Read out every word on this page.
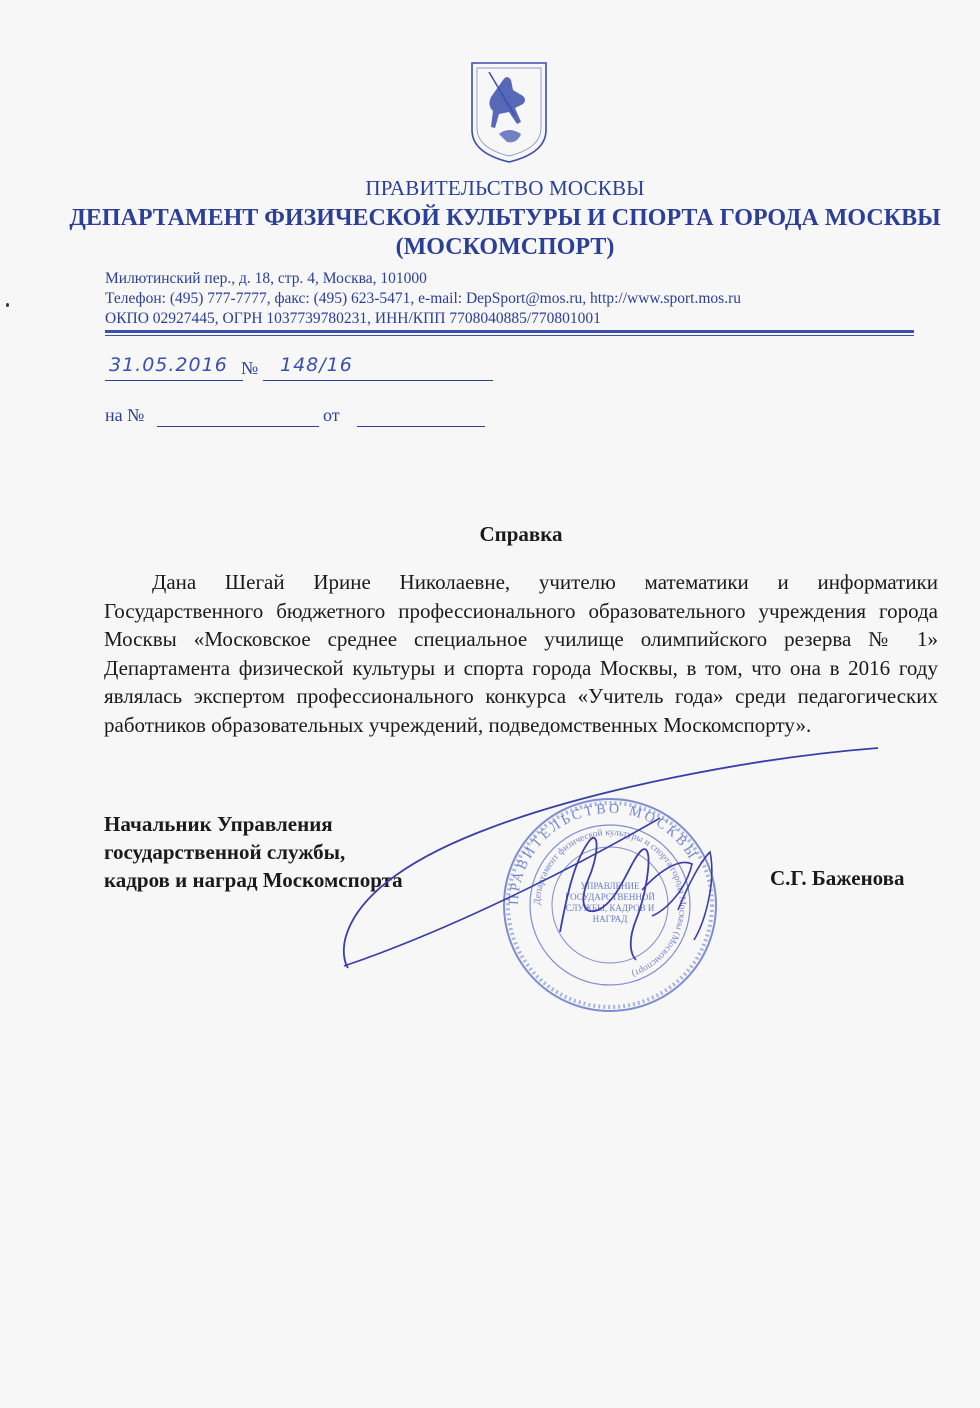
ПРАВИТЕЛЬСТВО МОСКВЫ
ДЕПАРТАМЕНТ ФИЗИЧЕСКОЙ КУЛЬТУРЫ И СПОРТА ГОРОДА МОСКВЫ
(МОСКОМСПОРТ)
Милютинский пер., д. 18, стр. 4, Москва, 101000
Телефон: (495) 777-7777, факс: (495) 623-5471, e-mail: DepSport@mos.ru, http://www.sport.mos.ru
ОКПО 02927445, ОГРН 1037739780231, ИНН/КПП 7708040885/770801001
31.05.2016 № 148/16
на №	от
Справка
Дана Шегай Ирине Николаевне, учителю математики и информатики Государственного бюджетного профессионального образовательного учреждения города Москвы «Московское среднее специальное училище олимпийского резерва № 1» Департамента физической культуры и спорта города Москвы, в том, что она в 2016 году являлась экспертом профессионального конкурса «Учитель года» среди педагогических работников образовательных учреждений, подведомственных Москомспорту».
Начальник Управления
государственной службы,
кадров и наград Москомспорта	С.Г. Баженова
ПРАВИТЕЛЬСТВО МОСКВЫ
Департамент физической культуры и спорта города Москвы (Москомспорт)
УПРАВЛЕНИЕ ГОСУДАРСТВЕННОЙ СЛУЖБЫ, КАДРОВ И НАГРАД
